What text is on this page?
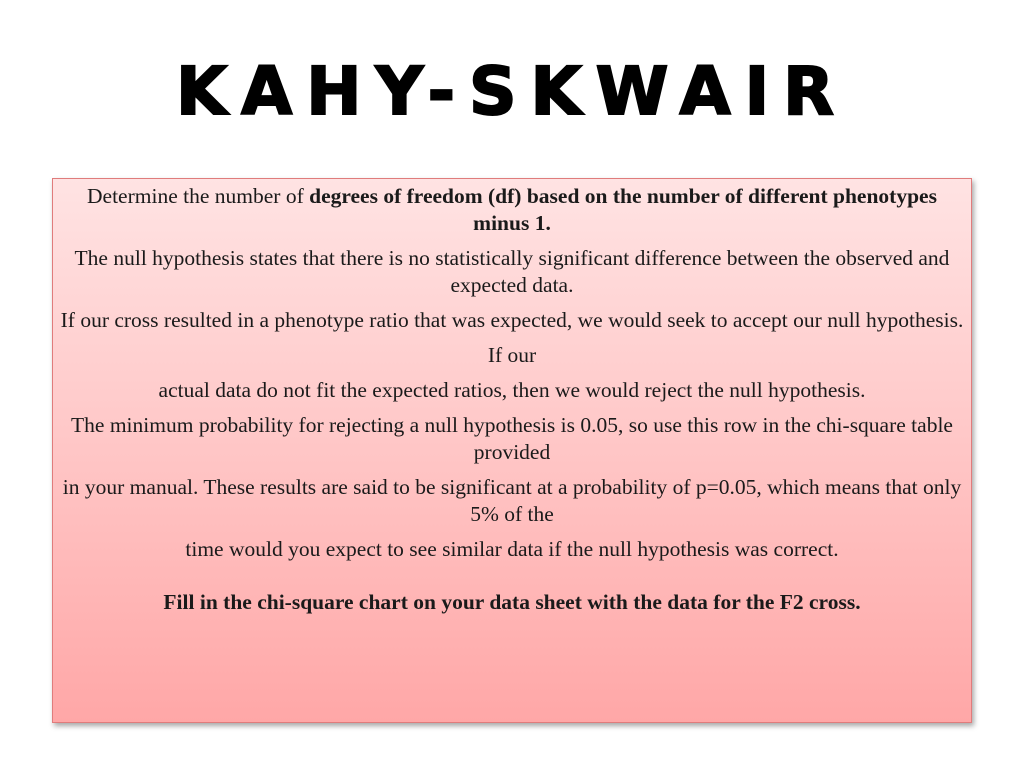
KAHY-SKWAIR

Determine the number of degrees of freedom (df) based on the number of different phenotypes minus 1.

The null hypothesis states that there is no statistically significant difference between the observed and expected data.

If our cross resulted in a phenotype ratio that was expected, we would seek to accept our null hypothesis.

If our

actual data do not fit the expected ratios, then we would reject the null hypothesis.

The minimum probability for rejecting a null hypothesis is 0.05, so use this row in the chi-square table provided

in your manual. These results are said to be significant at a probability of p=0.05, which means that only 5% of the

time would you expect to see similar data if the null hypothesis was correct.

Fill in the chi-square chart on your data sheet with the data for the F2 cross.
